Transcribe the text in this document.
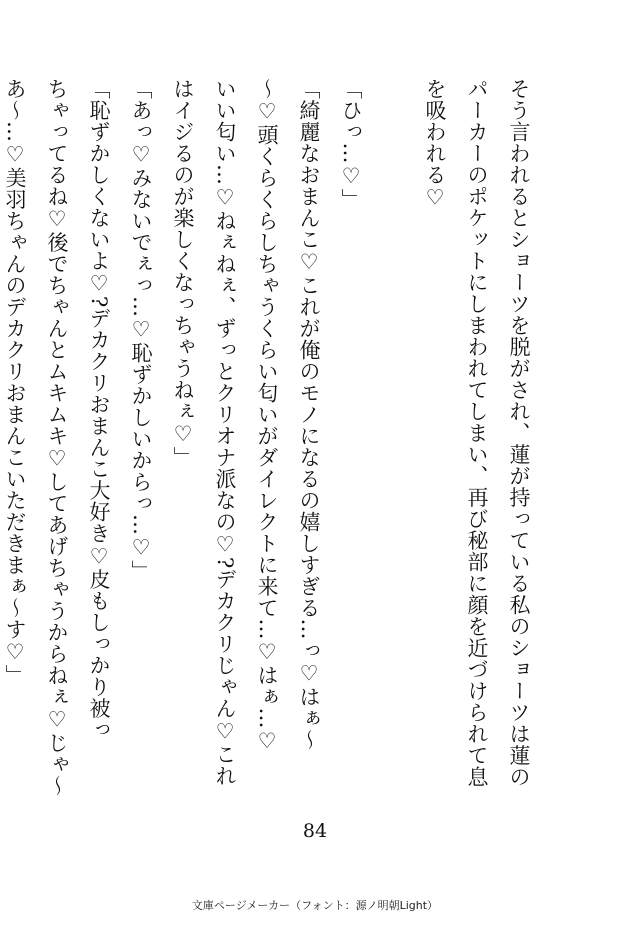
そう言われるとショーツを脱がされ、蓮が持っている私のショーツは蓮の
パーカーのポケットにしまわれてしまい、再び秘部に顔を近づけられて息
を吸われる♡
「ひっ…♡」
「綺麗なおまんこ♡これが俺のモノになるの嬉しすぎる…っ♡はぁ〜
〜♡頭くらくらしちゃうくらい匂いがダイレクトに来て…♡はぁ…♡
いい匂い…♡ねぇねぇ、ずっとクリオナ派なの♡?デカクリじゃん♡これ
はイジるのが楽しくなっちゃうねぇ♡」
「あっ♡みないでぇっ…♡恥ずかしいからっ…♡」
「恥ずかしくないよ♡?デカクリおまんこ大好き♡皮もしっかり被っ
ちゃってるね♡後でちゃんとムキムキ♡してあげちゃうからねぇ♡じゃ〜
あ〜…♡美羽ちゃんのデカクリおまんこいただきまぁ〜す♡」
84
文庫ページメーカー（フォント：源ノ明朝Light）
